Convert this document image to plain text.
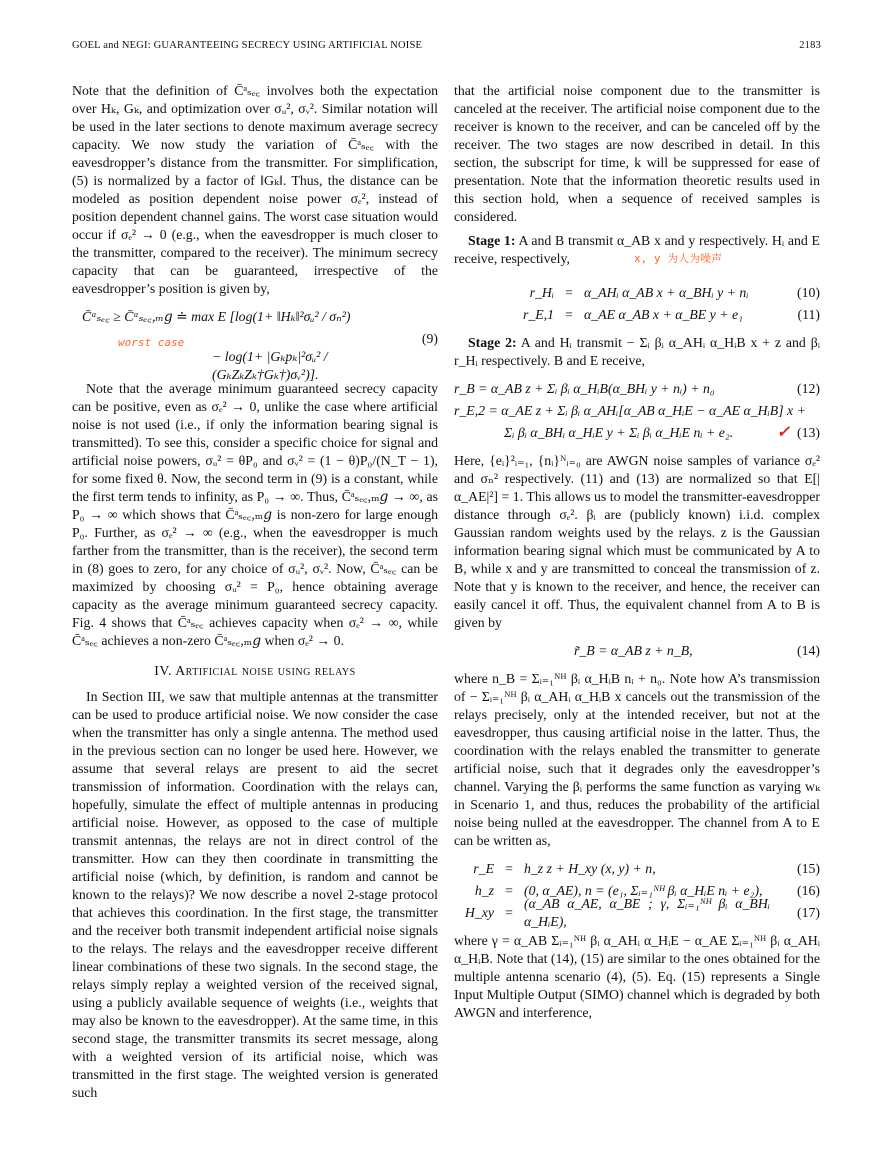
GOEL and NEGI: GUARANTEEING SECRECY USING ARTIFICIAL NOISE	2183

Note that the definition of C̄ᵃₛₑ꜀ involves both the expectation over Hₖ, Gₖ, and optimization over σᵤ², σᵥ². Similar notation will be used in the later sections to denote maximum average secrecy capacity. We now study the variation of C̄ᵃₛₑ꜀ with the eavesdropper’s distance from the transmitter. For simplification, (5) is normalized by a factor of ‖Gₖ‖. Thus, the distance can be modeled as position dependent noise power σₑ², instead of position dependent channel gains. The worst case situation would occur if σₑ² → 0 (e.g., when the eavesdropper is much closer to the transmitter, compared to the receiver). The minimum secrecy capacity that can be guaranteed, irrespective of the eavesdropper’s position is given by,

C̄ᵃₛₑ꜀ ≥ C̄ᵃₛₑ꜀,ₘ𝑔 ≐ max E [log(1+ ‖Hₖ‖²σᵤ² / σₙ²)
− log(1+ |Gₖpₖ|²σᵤ² / (GₖZₖZₖ†Gₖ†)σᵥ²)].
worst case	(9)

Note that the average minimum guaranteed secrecy capacity can be positive, even as σₑ² → 0, unlike the case where artificial noise is not used (i.e., if only the information bearing signal is transmitted). To see this, consider a specific choice for signal and artificial noise powers, σᵤ² = θP₀ and σᵥ² = (1 − θ)P₀/(N_T − 1), for some fixed θ. Now, the second term in (9) is a constant, while the first term tends to infinity, as P₀ → ∞. Thus, C̄ᵃₛₑ꜀,ₘ𝑔 → ∞, as P₀ → ∞ which shows that C̄ᵃₛₑ꜀,ₘ𝑔 is non-zero for large enough P₀. Further, as σₑ² → ∞ (e.g., when the eavesdropper is much farther from the transmitter, than is the receiver), the second term in (8) goes to zero, for any choice of σᵤ², σᵥ². Now, C̄ᵃₛₑ꜀ can be maximized by choosing σᵤ² = P₀, hence obtaining average capacity as the average minimum guaranteed secrecy capacity. Fig. 4 shows that C̄ᵃₛₑ꜀ achieves capacity when σₑ² → ∞, while C̄ᵃₛₑ꜀ achieves a non-zero C̄ᵃₛₑ꜀,ₘ𝑔 when σₑ² → 0.

IV. Artificial noise using relays

In Section III, we saw that multiple antennas at the transmitter can be used to produce artificial noise. We now consider the case when the transmitter has only a single antenna. The method used in the previous section can no longer be used here. However, we assume that several relays are present to aid the secret transmission of information. Coordination with the relays can, hopefully, simulate the effect of multiple antennas in producing artificial noise. However, as opposed to the case of multiple transmit antennas, the relays are not in direct control of the transmitter. How can they then coordinate in transmitting the artificial noise (which, by definition, is random and cannot be known to the relays)? We now describe a novel 2-stage protocol that achieves this coordination. In the first stage, the transmitter and the receiver both transmit independent artificial noise signals to the relays. The relays and the eavesdropper receive different linear combinations of these two signals. In the second stage, the relays simply replay a weighted version of the received signal, using a publicly available sequence of weights (i.e., weights that may also be known to the eavesdropper). At the same time, in this second stage, the transmitter transmits its secret message, along with a weighted version of its artificial noise, which was transmitted in the first stage. The weighted version is generated such

that the artificial noise component due to the transmitter is canceled at the receiver. The artificial noise component due to the receiver is known to the receiver, and can be canceled off by the receiver. The two stages are now described in detail. In this section, the subscript for time, k will be suppressed for ease of presentation. Note that the information theoretic results used in this section hold, when a sequence of received samples is considered.

Stage 1: A and B transmit α_AB x and y respectively. Hᵢ and E receive, respectively,	x, y 为人为噪声
r_Hᵢ = α_AHᵢ α_AB x + α_BHᵢ y + nᵢ	(10)
r_E,1 = α_AE α_AB x + α_BE y + e₁	(11)

Stage 2: A and Hᵢ transmit − Σᵢ βᵢ α_AHᵢ α_HᵢB x + z and βᵢ r_Hᵢ respectively. B and E receive,

r_B = α_AB z + Σᵢ βᵢ α_HᵢB(α_BHᵢ y + nᵢ) + n₀	(12)
r_E,2 = α_AE z + Σᵢ βᵢ α_AHᵢ[α_AB α_HᵢE − α_AE α_HᵢB] x +
Σᵢ βᵢ α_BHᵢ α_HᵢE y + Σᵢ βᵢ α_HᵢE nᵢ + e₂.	✓ (13)

Here, {eᵢ}²ᵢ₌₁, {nᵢ}ᴺᵢ₌₀ are AWGN noise samples of variance σₑ² and σₙ² respectively. (11) and (13) are normalized so that E[|α_AE|²] = 1. This allows us to model the transmitter-eavesdropper distance through σₑ². βᵢ are (publicly known) i.i.d. complex Gaussian random weights used by the relays. z is the Gaussian information bearing signal which must be communicated by A to B, while x and y are transmitted to conceal the transmission of z. Note that y is known to the receiver, and hence, the receiver can easily cancel it off. Thus, the equivalent channel from A to B is given by

r̃_B = α_AB z + n_B,	(14)

where n_B = Σᵢ₌₁ᴺᴴ βᵢ α_HᵢB nᵢ + n₀. Note how A’s transmission of − Σᵢ₌₁ᴺᴴ βᵢ α_AHᵢ α_HᵢB x cancels out the transmission of the relays precisely, only at the intended receiver, but not at the eavesdropper, thus causing artificial noise in the latter. Thus, the coordination with the relays enabled the transmitter to generate artificial noise, such that it degrades only the eavesdropper’s channel. Varying the βᵢ performs the same function as varying wₖ in Scenario 1, and thus, reduces the probability of the artificial noise being nulled at the eavesdropper. The channel from A to E can be written as,

r_E = h_z z + H_xy (x, y) + n,	(15)
h_z = (0, α_AE), n = (e₁, Σᵢ₌₁ᴺᴴ βᵢ α_HᵢE nᵢ + e₂),	(16)
H_xy =
(α_AB α_AE, α_BE ; γ, Σᵢ₌₁ᴺᴴ βᵢ α_BHᵢ α_HᵢE),
(17)

where γ = α_AB Σᵢ₌₁ᴺᴴ βᵢ α_AHᵢ α_HᵢE − α_AE Σᵢ₌₁ᴺᴴ βᵢ α_AHᵢ α_HᵢB. Note that (14), (15) are similar to the ones obtained for the multiple antenna scenario (4), (5). Eq. (15) represents a Single Input Multiple Output (SIMO) channel which is degraded by both AWGN and interference,
